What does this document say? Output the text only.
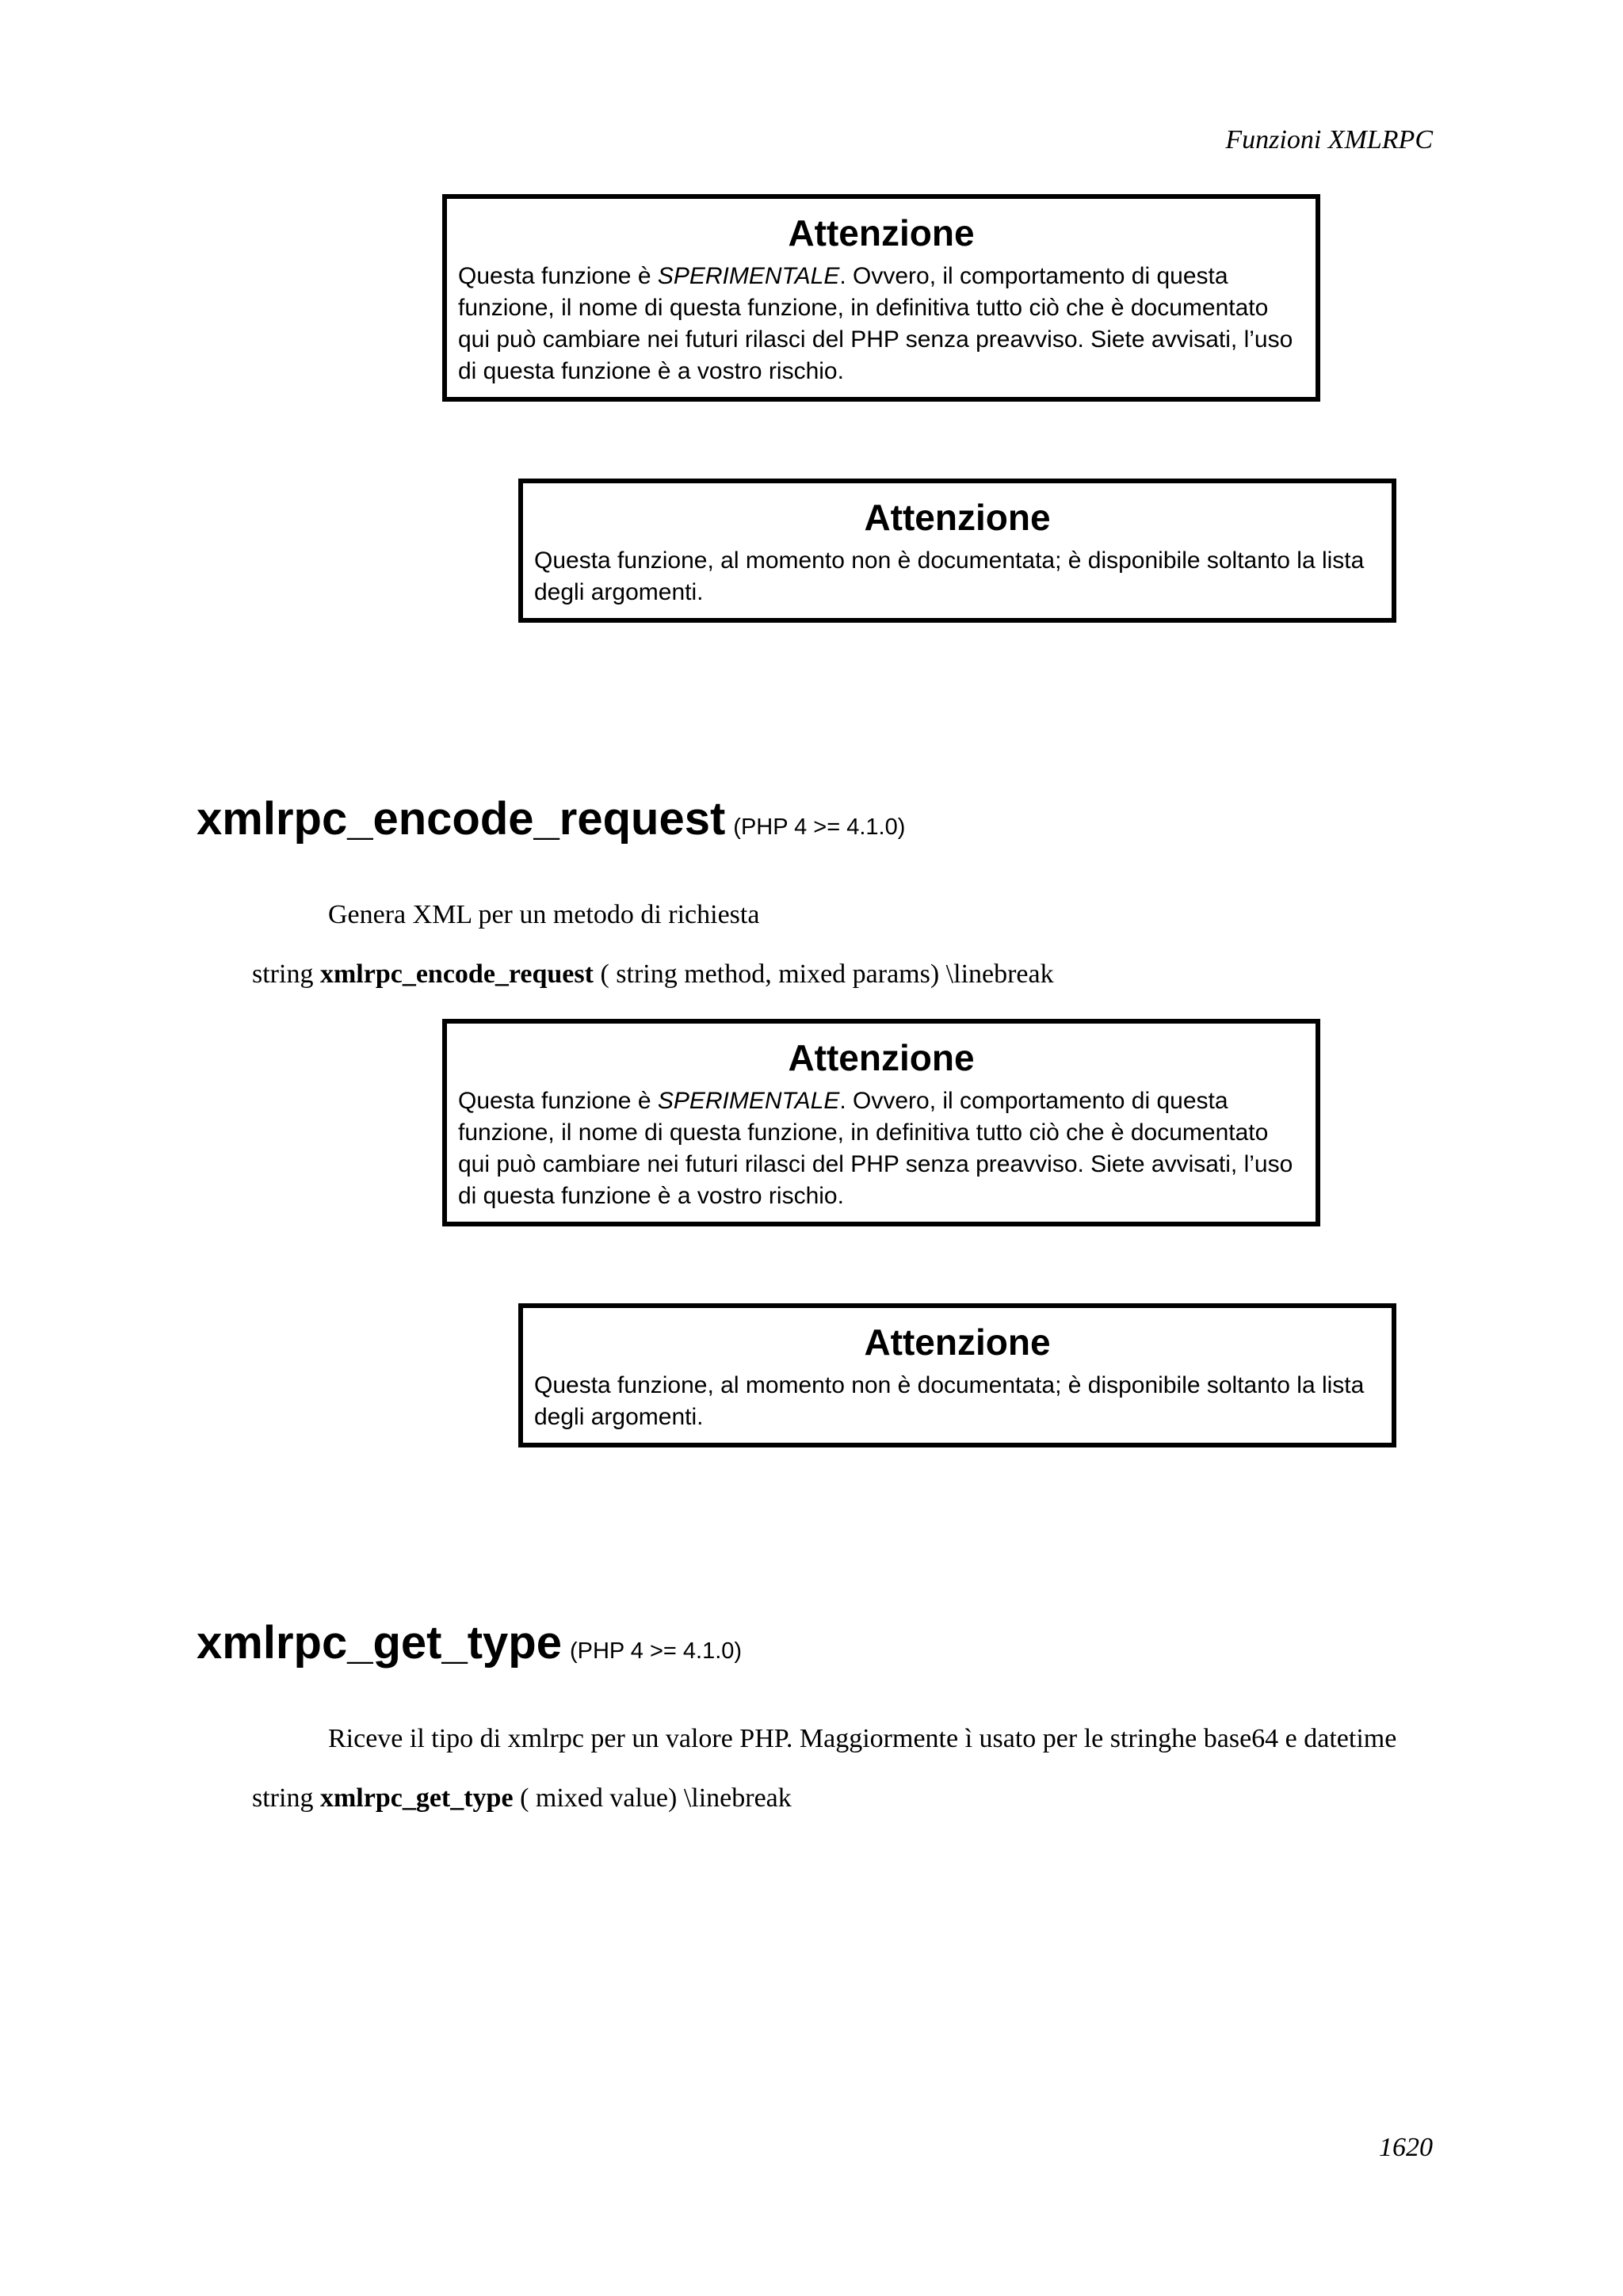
Funzioni XMLRPC
Attenzione

Questa funzione è SPERIMENTALE. Ovvero, il comportamento di questa funzione, il nome di questa funzione, in definitiva tutto ciò che è documentato qui può cambiare nei futuri rilasci del PHP senza preavviso. Siete avvisati, l’uso di questa funzione è a vostro rischio.

Attenzione

Questa funzione, al momento non è documentata; è disponibile soltanto la lista degli argomenti.

xmlrpc_encode_request (PHP 4 >= 4.1.0)

Genera XML per un metodo di richiesta

string xmlrpc_encode_request ( string method, mixed params) \linebreak

Attenzione

Questa funzione è SPERIMENTALE. Ovvero, il comportamento di questa funzione, il nome di questa funzione, in definitiva tutto ciò che è documentato qui può cambiare nei futuri rilasci del PHP senza preavviso. Siete avvisati, l’uso di questa funzione è a vostro rischio.

Attenzione

Questa funzione, al momento non è documentata; è disponibile soltanto la lista degli argomenti.

xmlrpc_get_type (PHP 4 >= 4.1.0)

Riceve il tipo di xmlrpc per un valore PHP. Maggiormente ì usato per le stringhe base64 e datetime

string xmlrpc_get_type ( mixed value) \linebreak

1620
